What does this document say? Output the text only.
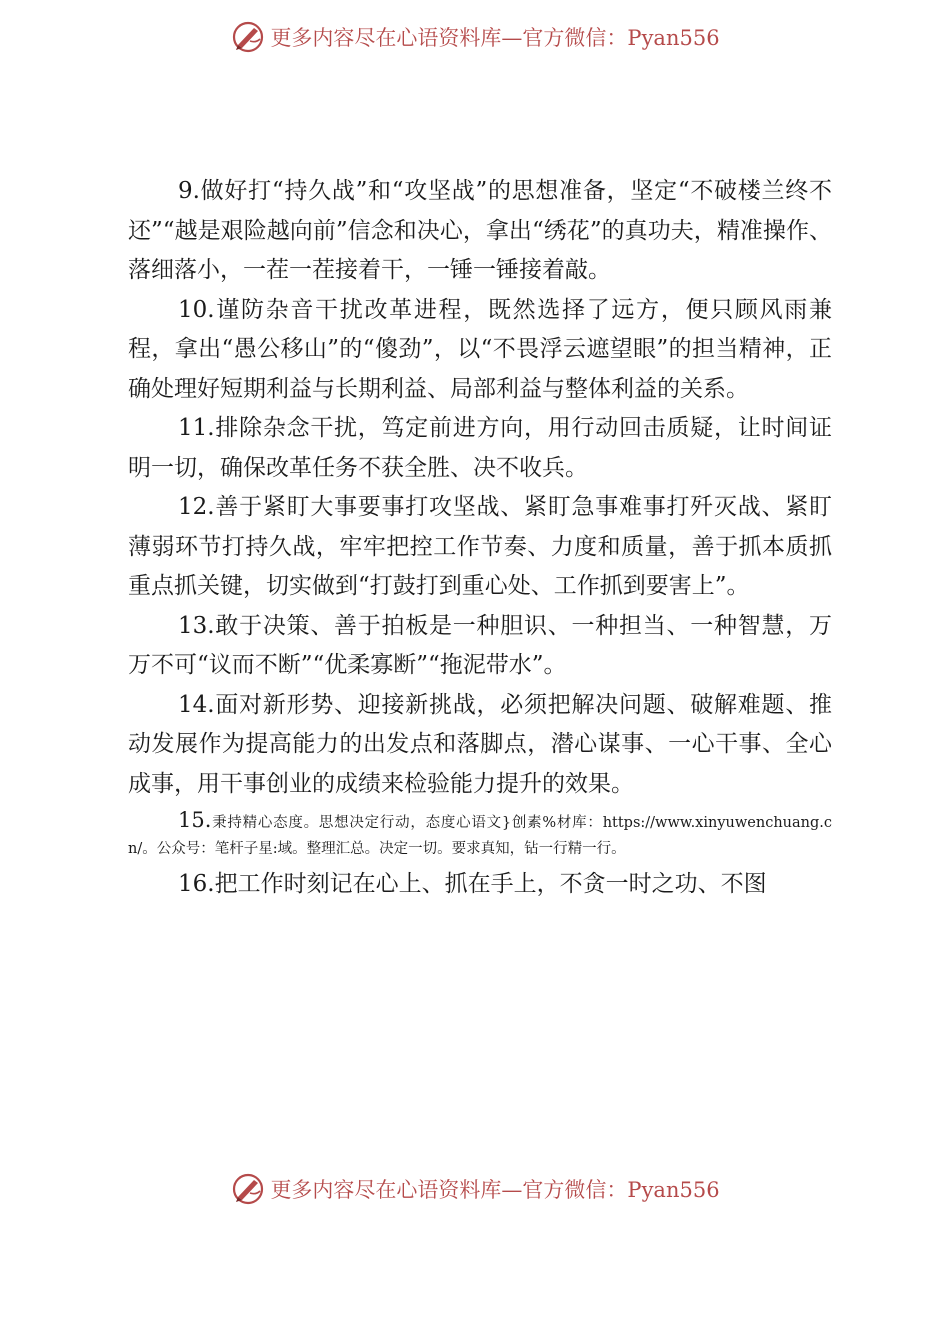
更多内容尽在心语资料库—官方微信：Pyan556

9.做好打“持久战”和“攻坚战”的思想准备，坚定“不破楼兰终不还”“越是艰险越向前”信念和决心，拿出“绣花”的真功夫，精准操作、落细落小，一茬一茬接着干，一锤一锤接着敲。

10.谨防杂音干扰改革进程，既然选择了远方，便只顾风雨兼程，拿出“愚公移山”的“傻劲”，以“不畏浮云遮望眼”的担当精神，正确处理好短期利益与长期利益、局部利益与整体利益的关系。

11.排除杂念干扰，笃定前进方向，用行动回击质疑，让时间证明一切，确保改革任务不获全胜、决不收兵。

12.善于紧盯大事要事打攻坚战、紧盯急事难事打歼灭战、紧盯薄弱环节打持久战，牢牢把控工作节奏、力度和质量，善于抓本质抓重点抓关键，切实做到“打鼓打到重心处、工作抓到要害上”。

13.敢于决策、善于拍板是一种胆识、一种担当、一种智慧，万万不可“议而不断”“优柔寡断”“拖泥带水”。

14.面对新形势、迎接新挑战，必须把解决问题、破解难题、推动发展作为提高能力的出发点和落脚点，潜心谋事、一心干事、全心成事，用干事创业的成绩来检验能力提升的效果。

15.秉持精心态度。思想决定行动，态度心语文}创素%材库：https://www.xinyuwenchuang.cn/。公众号：笔杆子星:域。整理汇总。决定一切。要求真知，钻一行精一行。

16.把工作时刻记在心上、抓在手上，不贪一时之功、不图

更多内容尽在心语资料库—官方微信：Pyan556
